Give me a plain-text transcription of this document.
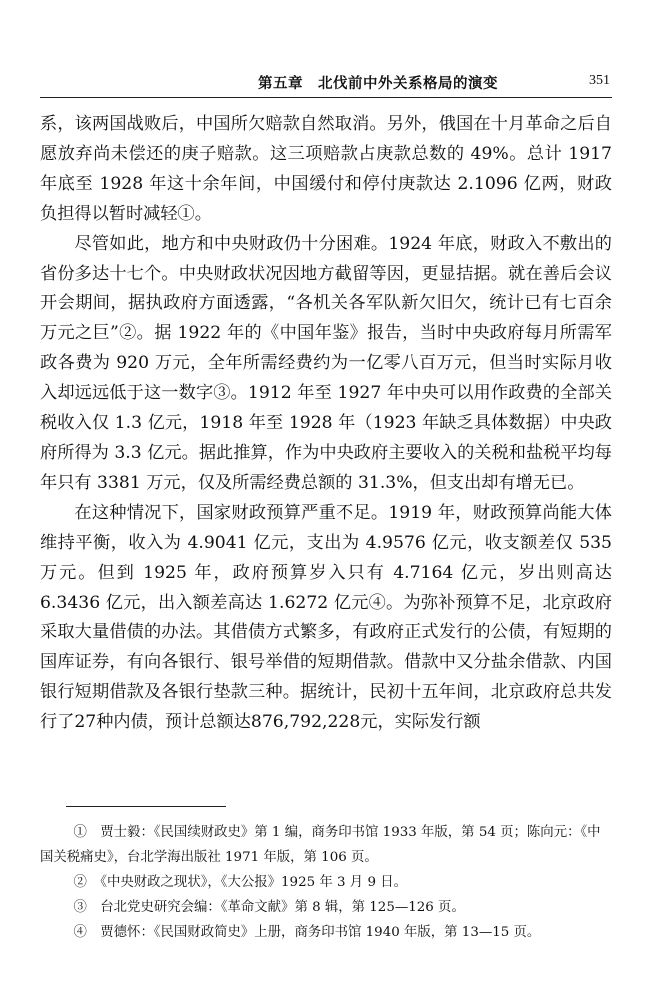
第五章　北伐前中外关系格局的演变	351

系，该两国战败后，中国所欠赔款自然取消。另外，俄国在十月革命之后自愿放弃尚未偿还的庚子赔款。这三项赔款占庚款总数的 49%。总计 1917 年底至 1928 年这十余年间，中国缓付和停付庚款达 2.1096 亿两，财政负担得以暂时减轻①。

尽管如此，地方和中央财政仍十分困难。1924 年底，财政入不敷出的省份多达十七个。中央财政状况因地方截留等因，更显拮据。就在善后会议开会期间，据执政府方面透露，“各机关各军队新欠旧欠，统计已有七百余万元之巨”②。据 1922 年的《中国年鉴》报告，当时中央政府每月所需军政各费为 920 万元，全年所需经费约为一亿零八百万元，但当时实际月收入却远远低于这一数字③。1912 年至 1927 年中央可以用作政费的全部关税收入仅 1.3 亿元，1918 年至 1928 年（1923 年缺乏具体数据）中央政府所得为 3.3 亿元。据此推算，作为中央政府主要收入的关税和盐税平均每年只有 3381 万元，仅及所需经费总额的 31.3%，但支出却有增无已。

在这种情况下，国家财政预算严重不足。1919 年，财政预算尚能大体维持平衡，收入为 4.9041 亿元，支出为 4.9576 亿元，收支额差仅 535 万元。但到 1925 年，政府预算岁入只有 4.7164 亿元，岁出则高达 6.3436 亿元，出入额差高达 1.6272 亿元④。为弥补预算不足，北京政府采取大量借债的办法。其借债方式繁多，有政府正式发行的公债，有短期的国库证券，有向各银行、银号举借的短期借款。借款中又分盐余借款、内国银行短期借款及各银行垫款三种。据统计，民初十五年间，北京政府总共发行了27种内债，预计总额达876,792,228元，实际发行额

①　贾士毅：《民国续财政史》第 1 编，商务印书馆 1933 年版，第 54 页；陈向元：《中国关税痛史》，台北学海出版社 1971 年版，第 106 页。

②　《中央财政之现状》，《大公报》1925 年 3 月 9 日。

③　台北党史研究会编：《革命文献》第 8 辑，第 125—126 页。

④　贾德怀：《民国财政简史》上册，商务印书馆 1940 年版，第 13—15 页。
